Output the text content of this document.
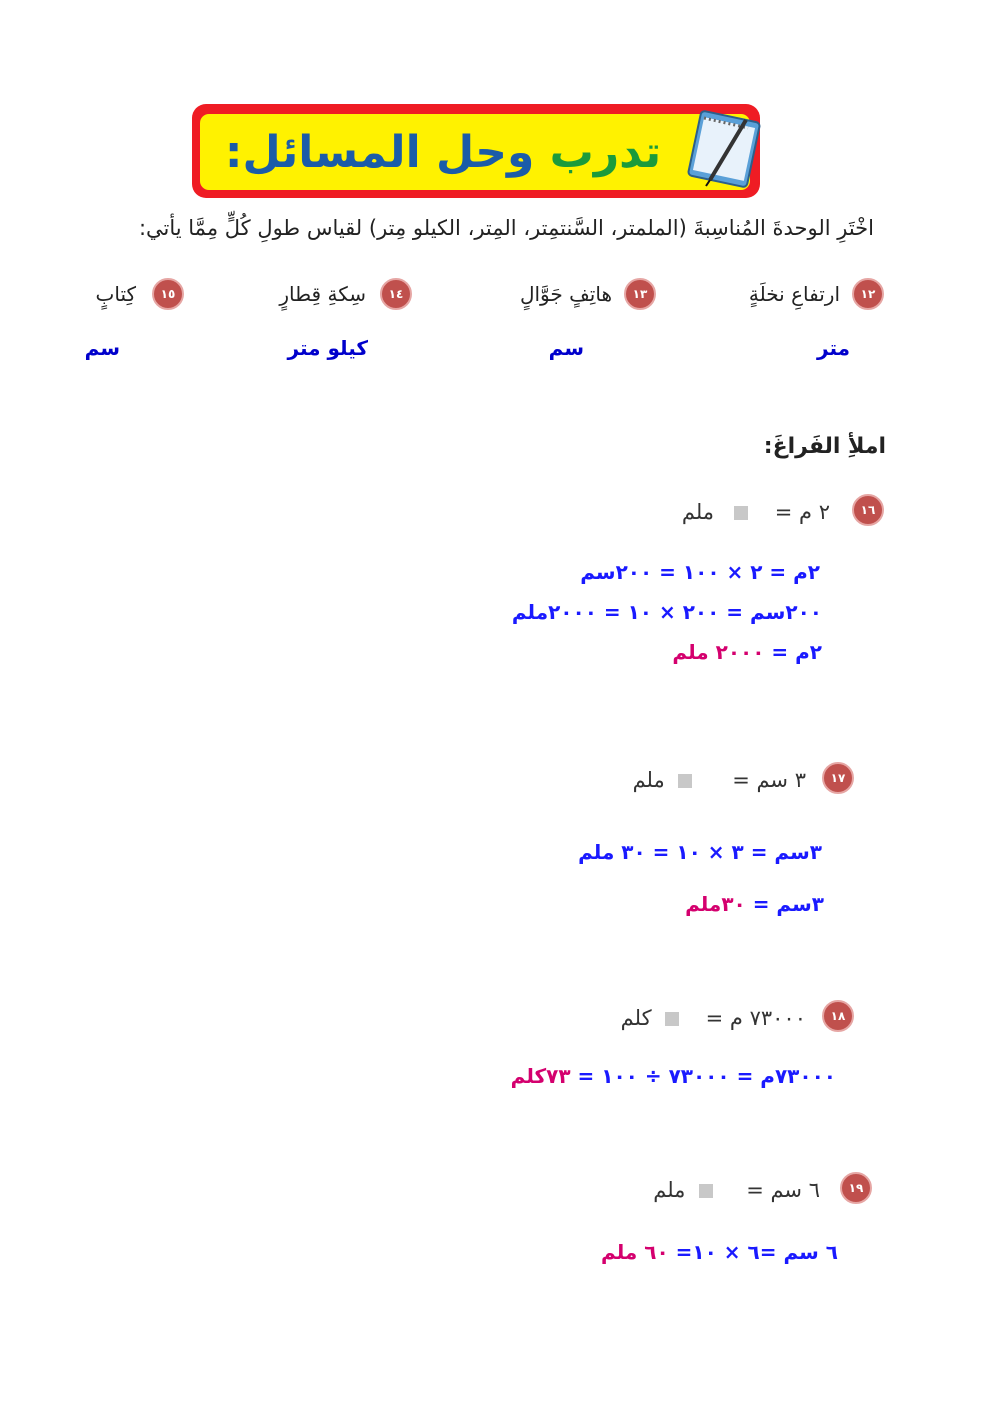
تدرب وحل المسائل:
اخْتَرِ الوحدةَ المُناسِبةَ (الملمتر، السَّنتمِتر، المِتر، الكيلو مِتر) لقياس طولِ كُلٍّ مِمَّا يأتي:
١٢
ارتفاعِ نخلَةٍ
متر
١٣
هاتِفٍ جَوَّالٍ
سم
١٤
سِكةِ قِطارٍ
كيلو متر
١٥
كِتابٍ
سم
املأِ الفَراغَ:
١٦
٢ م =       ملم
٢م = ٢ × ١٠٠ = ٢٠٠سم
٢٠٠سم = ٢٠٠ × ١٠ = ٢٠٠٠ملم
٢م = ٢٠٠٠ ملم
١٧
٣ سم =        ملم
٣سم = ٣ × ١٠ = ٣٠ ملم
٣سم = ٣٠ملم
١٨
٧٣٠٠٠ م =      كلم
٧٣٠٠٠م = ٧٣٠٠٠ ÷ ١٠٠ = ٧٣كلم
١٩
٦ سم =       ملم
٦ سم =٦ × ١٠= ٦٠ ملم
